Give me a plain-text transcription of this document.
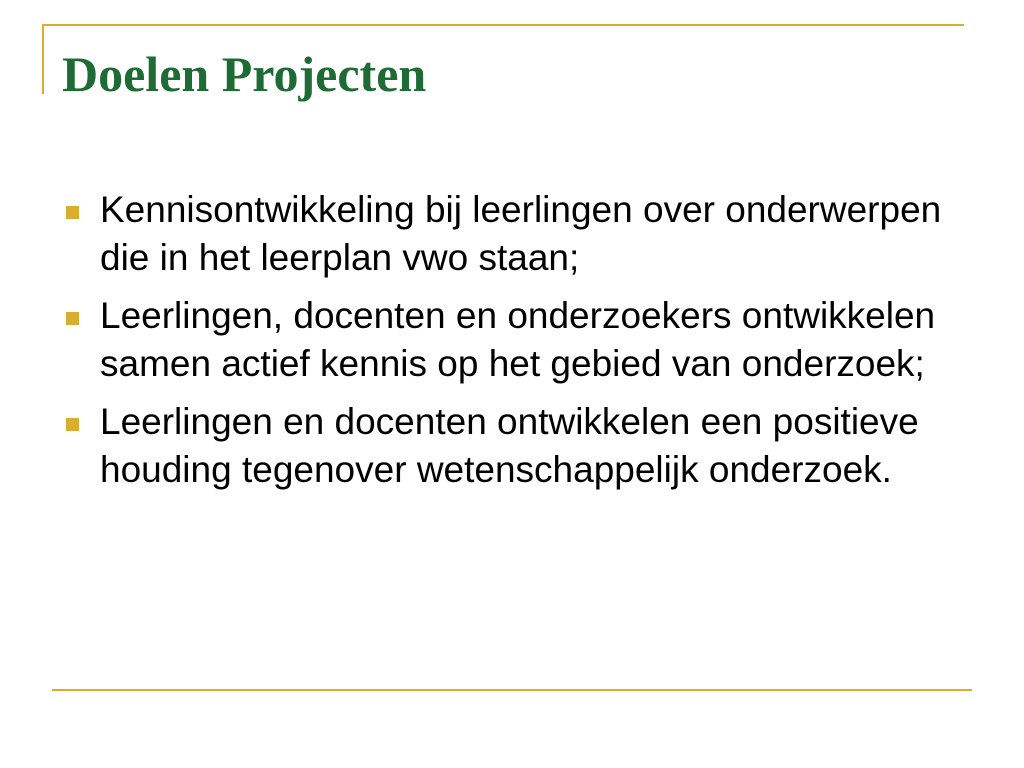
Doelen Projecten
Kennisontwikkeling bij leerlingen over onderwerpen die in het leerplan vwo staan;
Leerlingen, docenten en onderzoekers ontwikkelen samen actief kennis op het gebied van onderzoek;
Leerlingen en docenten ontwikkelen een positieve houding tegenover wetenschappelijk onderzoek.
